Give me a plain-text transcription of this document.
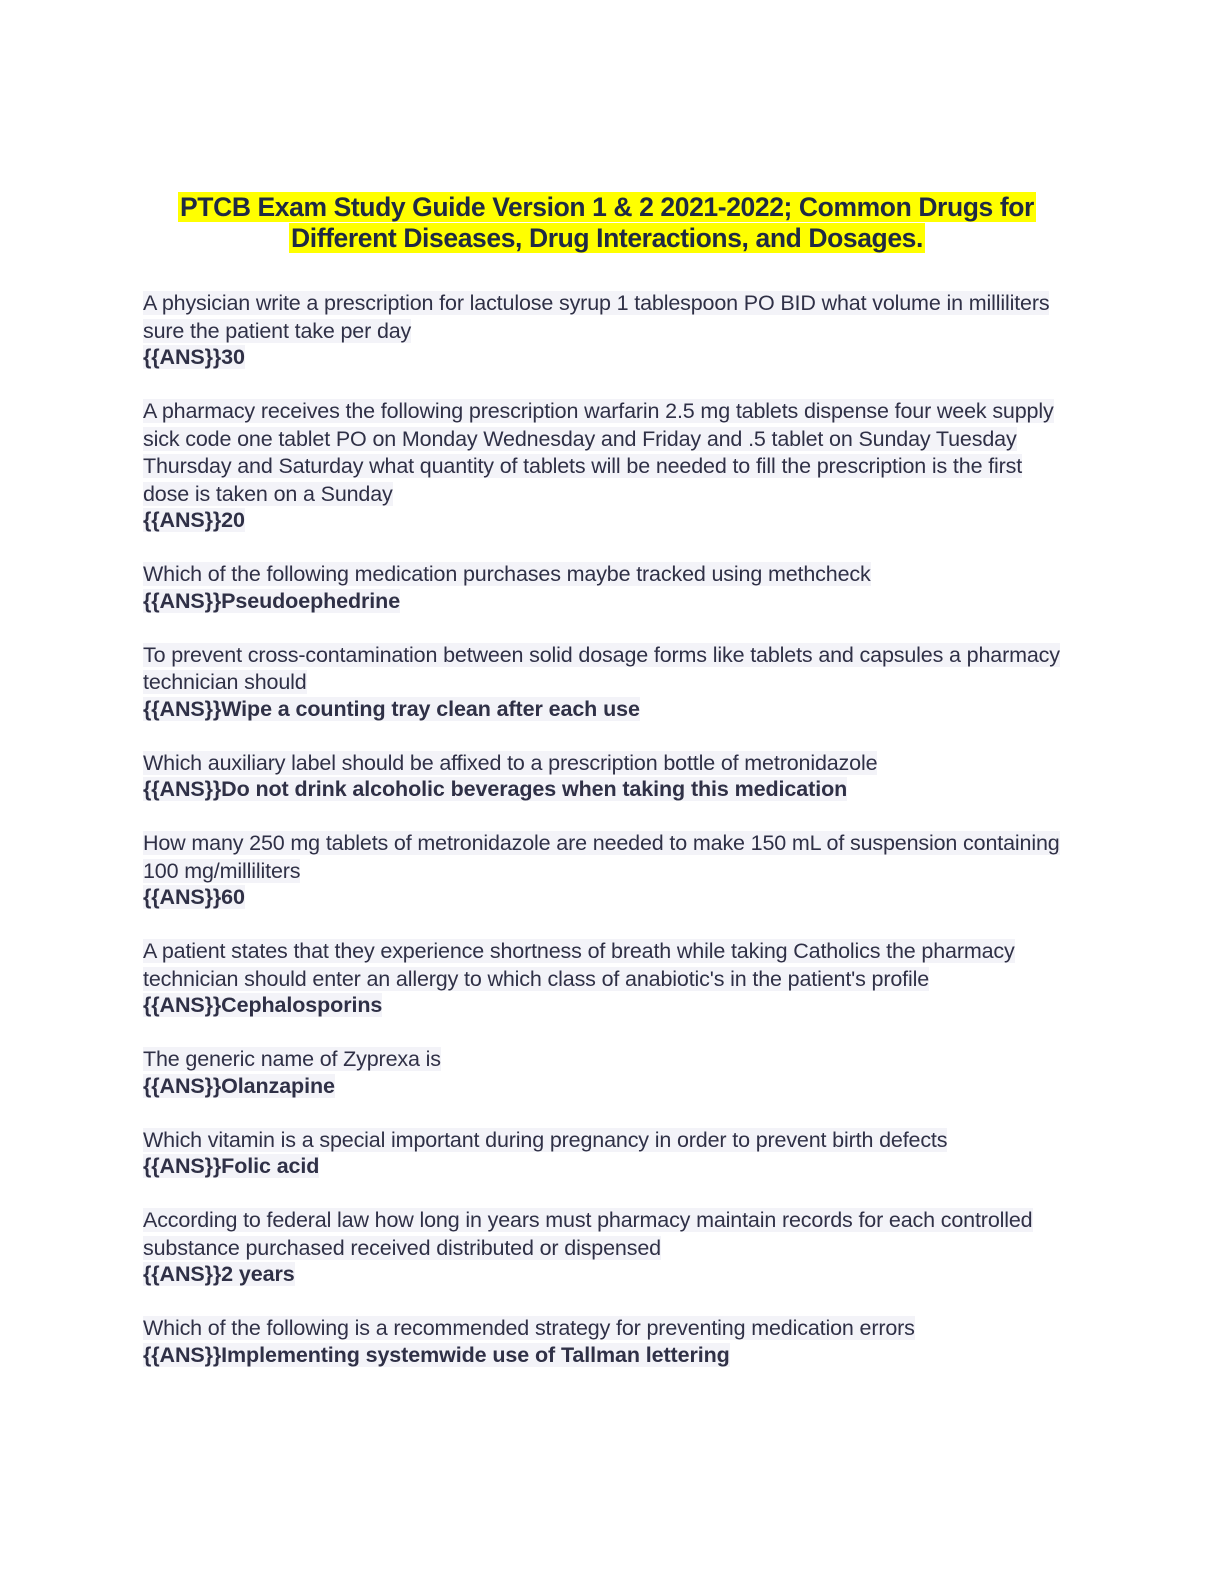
PTCB Exam Study Guide Version 1 & 2 2021-2022; Common Drugs for
Different Diseases, Drug Interactions, and Dosages.
A physician write a prescription for lactulose syrup 1 tablespoon PO BID what volume in milliliters sure the patient take per day
{{ANS}}30
A pharmacy receives the following prescription warfarin 2.5 mg tablets dispense four week supply sick code one tablet PO on Monday Wednesday and Friday and .5 tablet on Sunday Tuesday Thursday and Saturday what quantity of tablets will be needed to fill the prescription is the first dose is taken on a Sunday
{{ANS}}20
Which of the following medication purchases maybe tracked using methcheck
{{ANS}}Pseudoephedrine
To prevent cross-contamination between solid dosage forms like tablets and capsules a pharmacy technician should
{{ANS}}Wipe a counting tray clean after each use
Which auxiliary label should be affixed to a prescription bottle of metronidazole
{{ANS}}Do not drink alcoholic beverages when taking this medication
How many 250 mg tablets of metronidazole are needed to make 150 mL of suspension containing 100 mg/milliliters
{{ANS}}60
A patient states that they experience shortness of breath while taking Catholics the pharmacy technician should enter an allergy to which class of anabiotic's in the patient's profile
{{ANS}}Cephalosporins
The generic name of Zyprexa is
{{ANS}}Olanzapine
Which vitamin is a special important during pregnancy in order to prevent birth defects
{{ANS}}Folic acid
According to federal law how long in years must pharmacy maintain records for each controlled substance purchased received distributed or dispensed
{{ANS}}2 years
Which of the following is a recommended strategy for preventing medication errors
{{ANS}}Implementing systemwide use of Tallman lettering
